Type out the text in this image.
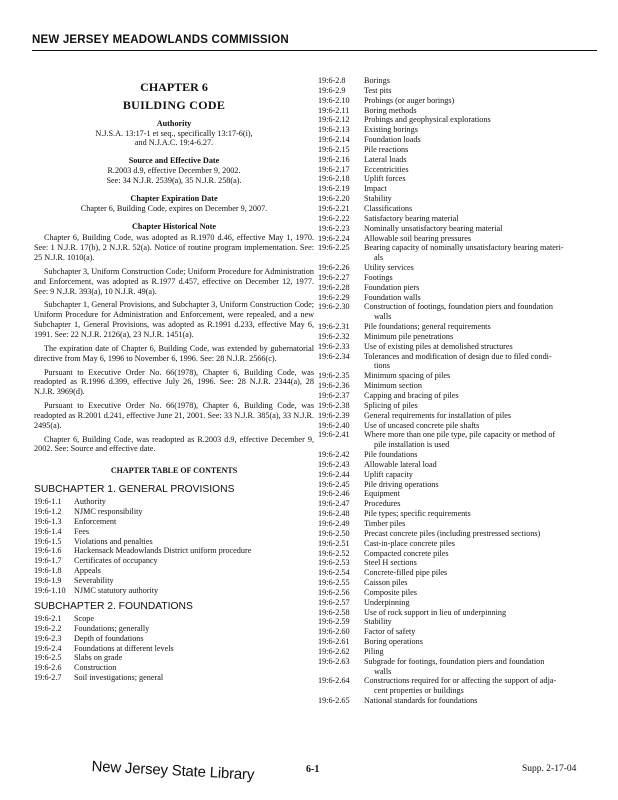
NEW JERSEY MEADOWLANDS COMMISSION
CHAPTER 6
BUILDING CODE
Authority
N.J.S.A. 13:17-1 et seq., specifically 13:17-6(i),
and N.J.A.C. 19:4-6.27.
Source and Effective Date
R.2003 d.9, effective December 9, 2002.
See: 34 N.J.R. 2539(a), 35 N.J.R. 258(a).
Chapter Expiration Date
Chapter 6, Building Code, expires on December 9, 2007.
Chapter Historical Note

Chapter 6, Building Code, was adopted as R.1970 d.46, effective May 1, 1970. See: 1 N.J.R. 17(b), 2 N.J.R. 52(a). Notice of routine program implementation. See: 25 N.J.R. 1010(a).

Subchapter 3, Uniform Construction Code; Uniform Procedure for Administration and Enforcement, was adopted as R.1977 d.457, effective on December 12, 1977. See: 9 N.J.R. 393(a), 10 N.J.R. 49(a).

Subchapter 1, General Provisions, and Subchapter 3, Uniform Construction Code; Uniform Procedure for Administration and Enforcement, were repealed, and a new Subchapter 1, General Provisions, was adopted as R.1991 d.233, effective May 6, 1991. See: 22 N.J.R. 2126(a), 23 N.J.R. 1451(a).

The expiration date of Chapter 6, Building Code, was extended by gubernatorial directive from May 6, 1996 to November 6, 1996. See: 28 N.J.R. 2566(c).

Pursuant to Executive Order No. 66(1978), Chapter 6, Building Code, was readopted as R.1996 d.399, effective July 26, 1996. See: 28 N.J.R. 2344(a), 28 N.J.R. 3969(d).

Pursuant to Executive Order No. 66(1978), Chapter 6, Building Code, was readopted as R.2001 d.241, effective June 21, 2001. See: 33 N.J.R. 385(a), 33 N.J.R. 2495(a).

Chapter 6, Building Code, was readopted as R.2003 d.9, effective December 9, 2002. See: Source and effective date.

CHAPTER TABLE OF CONTENTS
SUBCHAPTER 1. GENERAL PROVISIONS
19:6-1.1	Authority
19:6-1.2	NJMC responsibility
19:6-1.3	Enforcement
19:6-1.4	Fees
19:6-1.5	Violations and penalties
19:6-1.6	Hackensack Meadowlands District uniform procedure
19:6-1.7	Certificates of occupancy
19:6-1.8	Appeals
19:6-1.9	Severability
19:6-1.10	NJMC statutory authority
SUBCHAPTER 2. FOUNDATIONS
19:6-2.1	Scope
19:6-2.2	Foundations; generally
19:6-2.3	Depth of foundations
19:6-2.4	Foundations at different levels
19:6-2.5	Slabs on grade
19:6-2.6	Construction
19:6-2.7	Soil investigations; general
19:6-2.8	Borings
19:6-2.9	Test pits
19:6-2.10	Probings (or auger borings)
19:6-2.11	Boring methods
19:6-2.12	Probings and geophysical explorations
19:6-2.13	Existing borings
19:6-2.14	Foundation loads
19:6-2.15	Pile reactions
19:6-2.16	Lateral loads
19:6-2.17	Eccentricities
19:6-2.18	Uplift forces
19:6-2.19	Impact
19:6-2.20	Stability
19:6-2.21	Classifications
19:6-2.22	Satisfactory bearing material
19:6-2.23	Nominally unsatisfactory bearing material
19:6-2.24	Allowable soil bearing pressures
19:6-2.25	Bearing capacity of nominally unsatisfactory bearing materi-
als
19:6-2.26	Utility services
19:6-2.27	Footings
19:6-2.28	Foundation piers
19:6-2.29	Foundation walls
19:6-2.30	Construction of footings, foundation piers and foundation
walls
19:6-2.31	Pile foundations; general requirements
19:6-2.32	Minimum pile penetrations
19:6-2.33	Use of existing piles at demolished structures
19:6-2.34	Tolerances and modification of design due to filed condi-
tions
19:6-2.35	Minimum spacing of piles
19:6-2.36	Minimum section
19:6-2.37	Capping and bracing of piles
19:6-2.38	Splicing of piles
19:6-2.39	General requirements for installation of piles
19:6-2.40	Use of uncased concrete pile shafts
19:6-2.41	Where more than one pile type, pile capacity or method of
pile installation is used
19:6-2.42	Pile foundations
19:6-2.43	Allowable lateral load
19:6-2.44	Uplift capacity
19:6-2.45	Pile driving operations
19:6-2.46	Equipment
19:6-2.47	Procedures
19:6-2.48	Pile types; specific requirements
19:6-2.49	Timber piles
19:6-2.50	Precast concrete piles (including prestressed sections)
19:6-2.51	Cast-in-place concrete piles
19:6-2.52	Compacted concrete piles
19:6-2.53	Steel H sections
19:6-2.54	Concrete-filled pipe piles
19:6-2.55	Caisson piles
19:6-2.56	Composite piles
19:6-2.57	Underpinning
19:6-2.58	Use of rock support in lieu of underpinning
19:6-2.59	Stability
19:6-2.60	Factor of safety
19:6-2.61	Boring operations
19:6-2.62	Piling
19:6-2.63	Subgrade for footings, foundation piers and foundation
walls
19:6-2.64	Constructions required for or affecting the support of adja-
cent properties or buildings
19:6-2.65	National standards for foundations
New Jersey State Library	6-1	Supp. 2-17-04
